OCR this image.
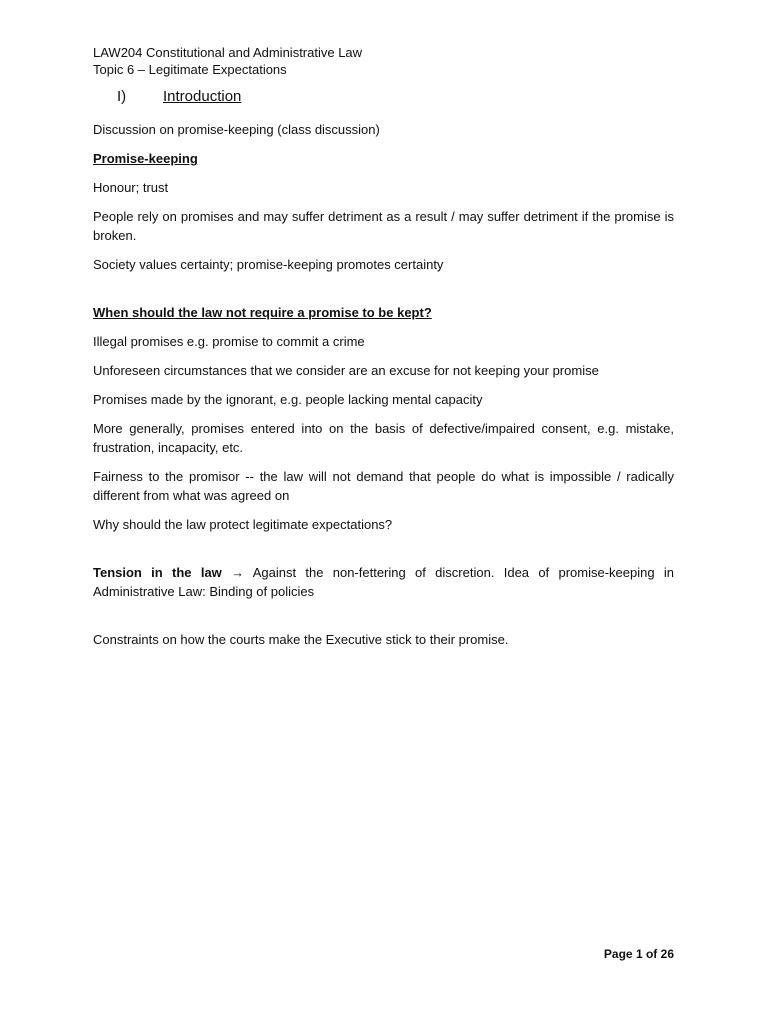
LAW204 Constitutional and Administrative Law

Topic 6 – Legitimate Expectations

I)	Introduction

Discussion on promise-keeping (class discussion)

Promise-keeping

Honour; trust

People rely on promises and may suffer detriment as a result / may suffer detriment if the promise is broken.

Society values certainty; promise-keeping promotes certainty

When should the law not require a promise to be kept?

Illegal promises e.g. promise to commit a crime

Unforeseen circumstances that we consider are an excuse for not keeping your promise

Promises made by the ignorant, e.g. people lacking mental capacity

More generally, promises entered into on the basis of defective/impaired consent, e.g. mistake, frustration, incapacity, etc.

Fairness to the promisor -- the law will not demand that people do what is impossible / radically different from what was agreed on

Why should the law protect legitimate expectations?

Tension in the law → Against the non-fettering of discretion. Idea of promise-keeping in Administrative Law: Binding of policies

Constraints on how the courts make the Executive stick to their promise.

Page 1 of 26
